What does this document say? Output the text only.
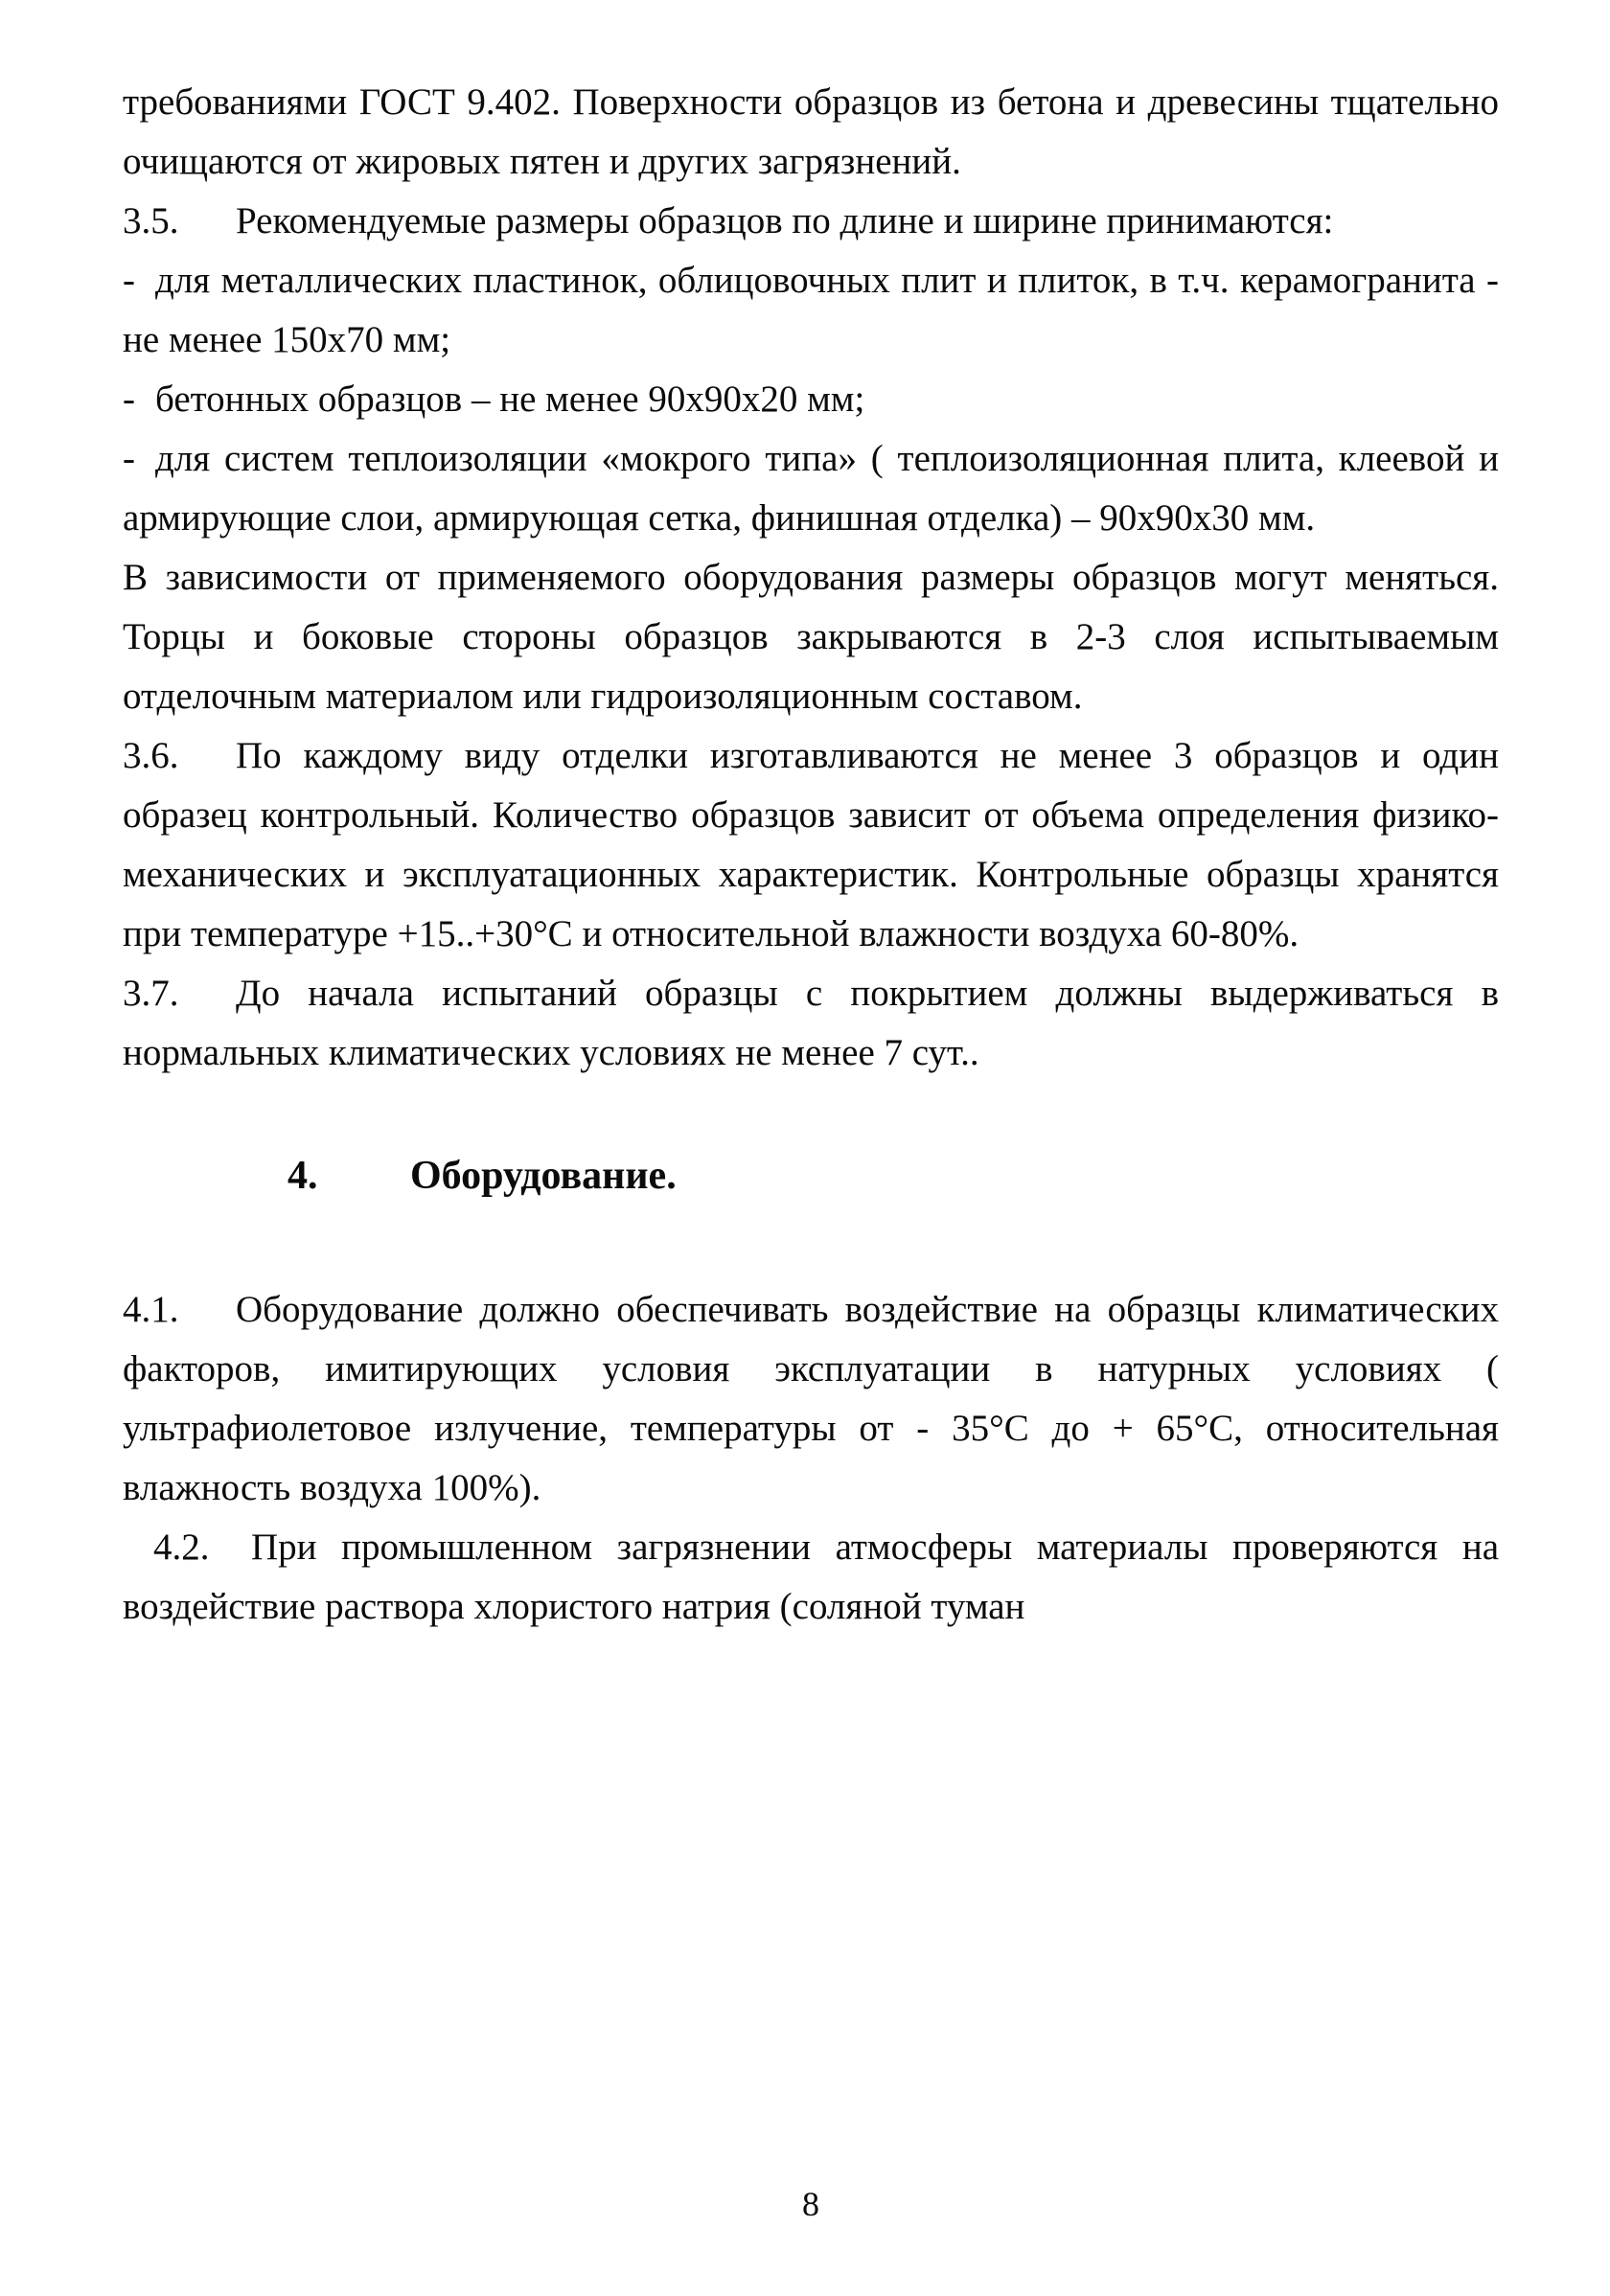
требованиями ГОСТ 9.402. Поверхности образцов из бетона и древесины тщательно очищаются от жировых пятен и других загрязнений.

3.5. Рекомендуемые размеры образцов по длине и ширине принимаются:

- для металлических пластинок, облицовочных плит и плиток, в т.ч. керамогранита - не менее 150х70 мм;

- бетонных образцов – не менее 90х90х20 мм;

- для систем теплоизоляции «мокрого типа» ( теплоизоляционная плита, клеевой и армирующие слои, армирующая сетка, финишная отделка) – 90х90х30 мм.

В зависимости от применяемого оборудования размеры образцов могут меняться. Торцы и боковые стороны образцов закрываются в 2-3 слоя испытываемым отделочным материалом или гидроизоляционным составом.

3.6. По каждому виду отделки изготавливаются не менее 3 образцов и один образец контрольный. Количество образцов зависит от объема определения физико-механических и эксплуатационных характеристик. Контрольные образцы хранятся при температуре +15..+30°С и относительной влажности воздуха 60-80%.

3.7. До начала испытаний образцы с покрытием должны выдерживаться в нормальных климатических условиях не менее 7 сут..

4. Оборудование.

4.1. Оборудование должно обеспечивать воздействие на образцы климатических факторов, имитирующих условия эксплуатации в натурных условиях ( ультрафиолетовое излучение, температуры от - 35°С до + 65°С, относительная влажность воздуха 100%).

4.2. При промышленном загрязнении атмосферы материалы проверяются на воздействие раствора хлористого натрия (соляной туман

8
